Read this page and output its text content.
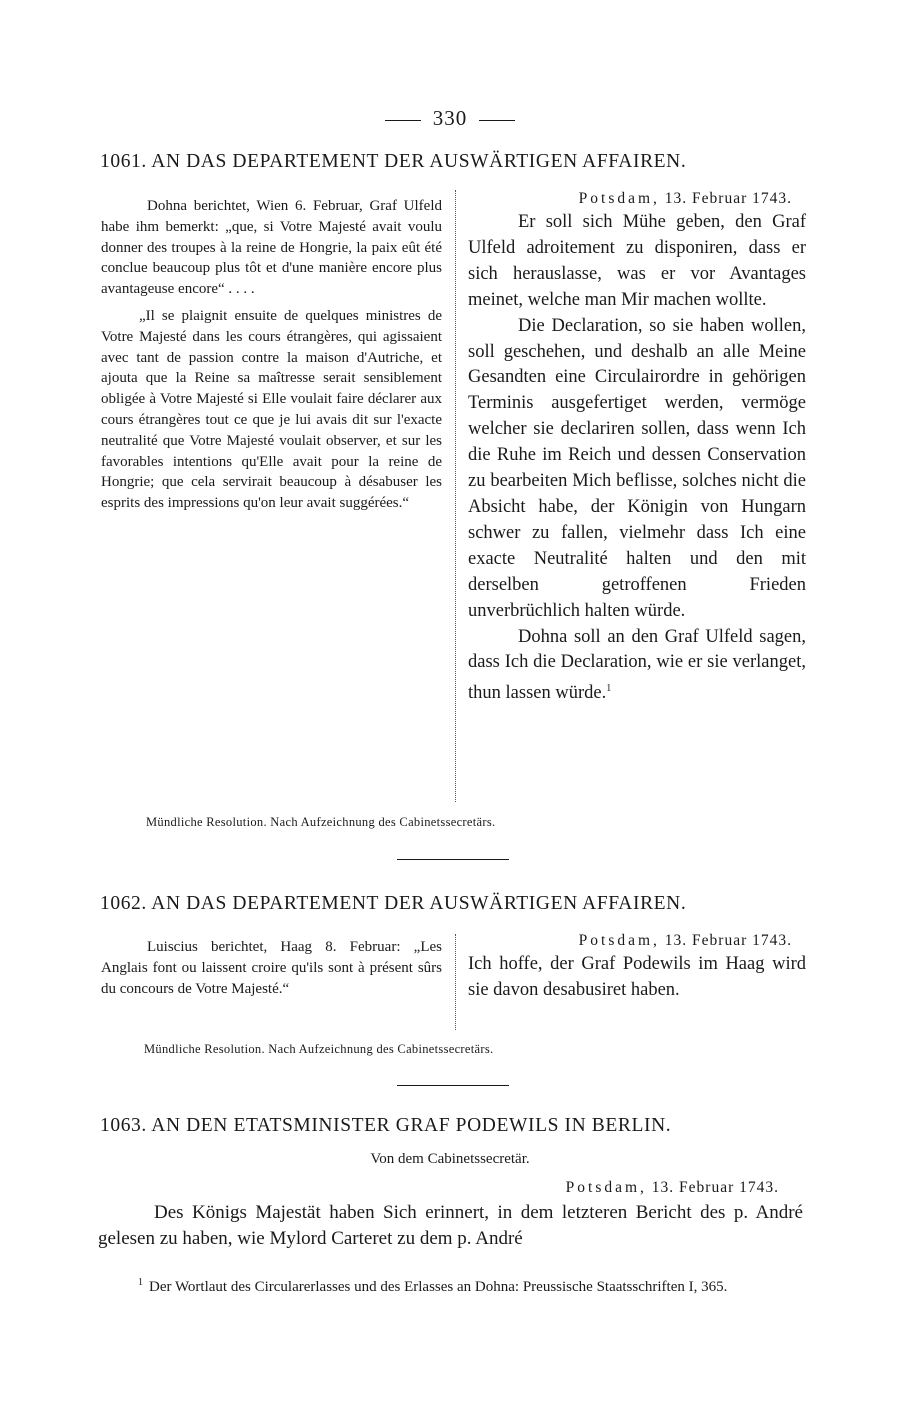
330
1061. AN DAS DEPARTEMENT DER AUSWÄRTIGEN AFFAIREN.

Dohna berichtet, Wien 6. Februar, Graf Ulfeld habe ihm bemerkt: „que, si Votre Majesté avait voulu donner des troupes à la reine de Hongrie, la paix eût été conclue beaucoup plus tôt et d'une manière encore plus avantageuse encore“ . . . .

„Il se plaignit ensuite de quelques ministres de Votre Majesté dans les cours étrangères, qui agissaient avec tant de passion contre la maison d'Autriche, et ajouta que la Reine sa maîtresse serait sensiblement obligée à Votre Majesté si Elle voulait faire déclarer aux cours étrangères tout ce que je lui avais dit sur l'exacte neutralité que Votre Majesté voulait observer, et sur les favorables intentions qu'Elle avait pour la reine de Hongrie; que cela servirait beaucoup à désabuser les esprits des impressions qu'on leur avait suggérées.“

Potsdam, 13. Februar 1743.

Er soll sich Mühe geben, den Graf Ulfeld adroitement zu disponiren, dass er sich herauslasse, was er vor Avantages meinet, welche man Mir machen wollte.

Die Declaration, so sie haben wollen, soll geschehen, und deshalb an alle Meine Gesandten eine Circulairordre in gehörigen Terminis ausgefertiget werden, vermöge welcher sie declariren sollen, dass wenn Ich die Ruhe im Reich und dessen Conservation zu bearbeiten Mich beflisse, solches nicht die Absicht habe, der Königin von Hungarn schwer zu fallen, vielmehr dass Ich eine exacte Neutralité halten und den mit derselben getroffenen Frieden unverbrüchlich halten würde.

Dohna soll an den Graf Ulfeld sagen, dass Ich die Declaration, wie er sie verlanget, thun lassen würde.$^1$

Mündliche Resolution. Nach Aufzeichnung des Cabinetssecretärs.
1062. AN DAS DEPARTEMENT DER AUSWÄRTIGEN AFFAIREN.

Luiscius berichtet, Haag 8. Februar: „Les Anglais font ou laissent croire qu'ils sont à présent sûrs du concours de Votre Majesté.“

Potsdam, 13. Februar 1743.

Ich hoffe, der Graf Podewils im Haag wird sie davon desabusiret haben.

Mündliche Resolution. Nach Aufzeichnung des Cabinetssecretärs.
1063. AN DEN ETATSMINISTER GRAF PODEWILS IN BERLIN.
Von dem Cabinetssecretär.
Potsdam, 13. Februar 1743.

Des Königs Majestät haben Sich erinnert, in dem letzteren Bericht des p. André gelesen zu haben, wie Mylord Carteret zu dem p. André

$^1$ Der Wortlaut des Circularerlasses und des Erlasses an Dohna: Preussische Staatsschriften I, 365.
